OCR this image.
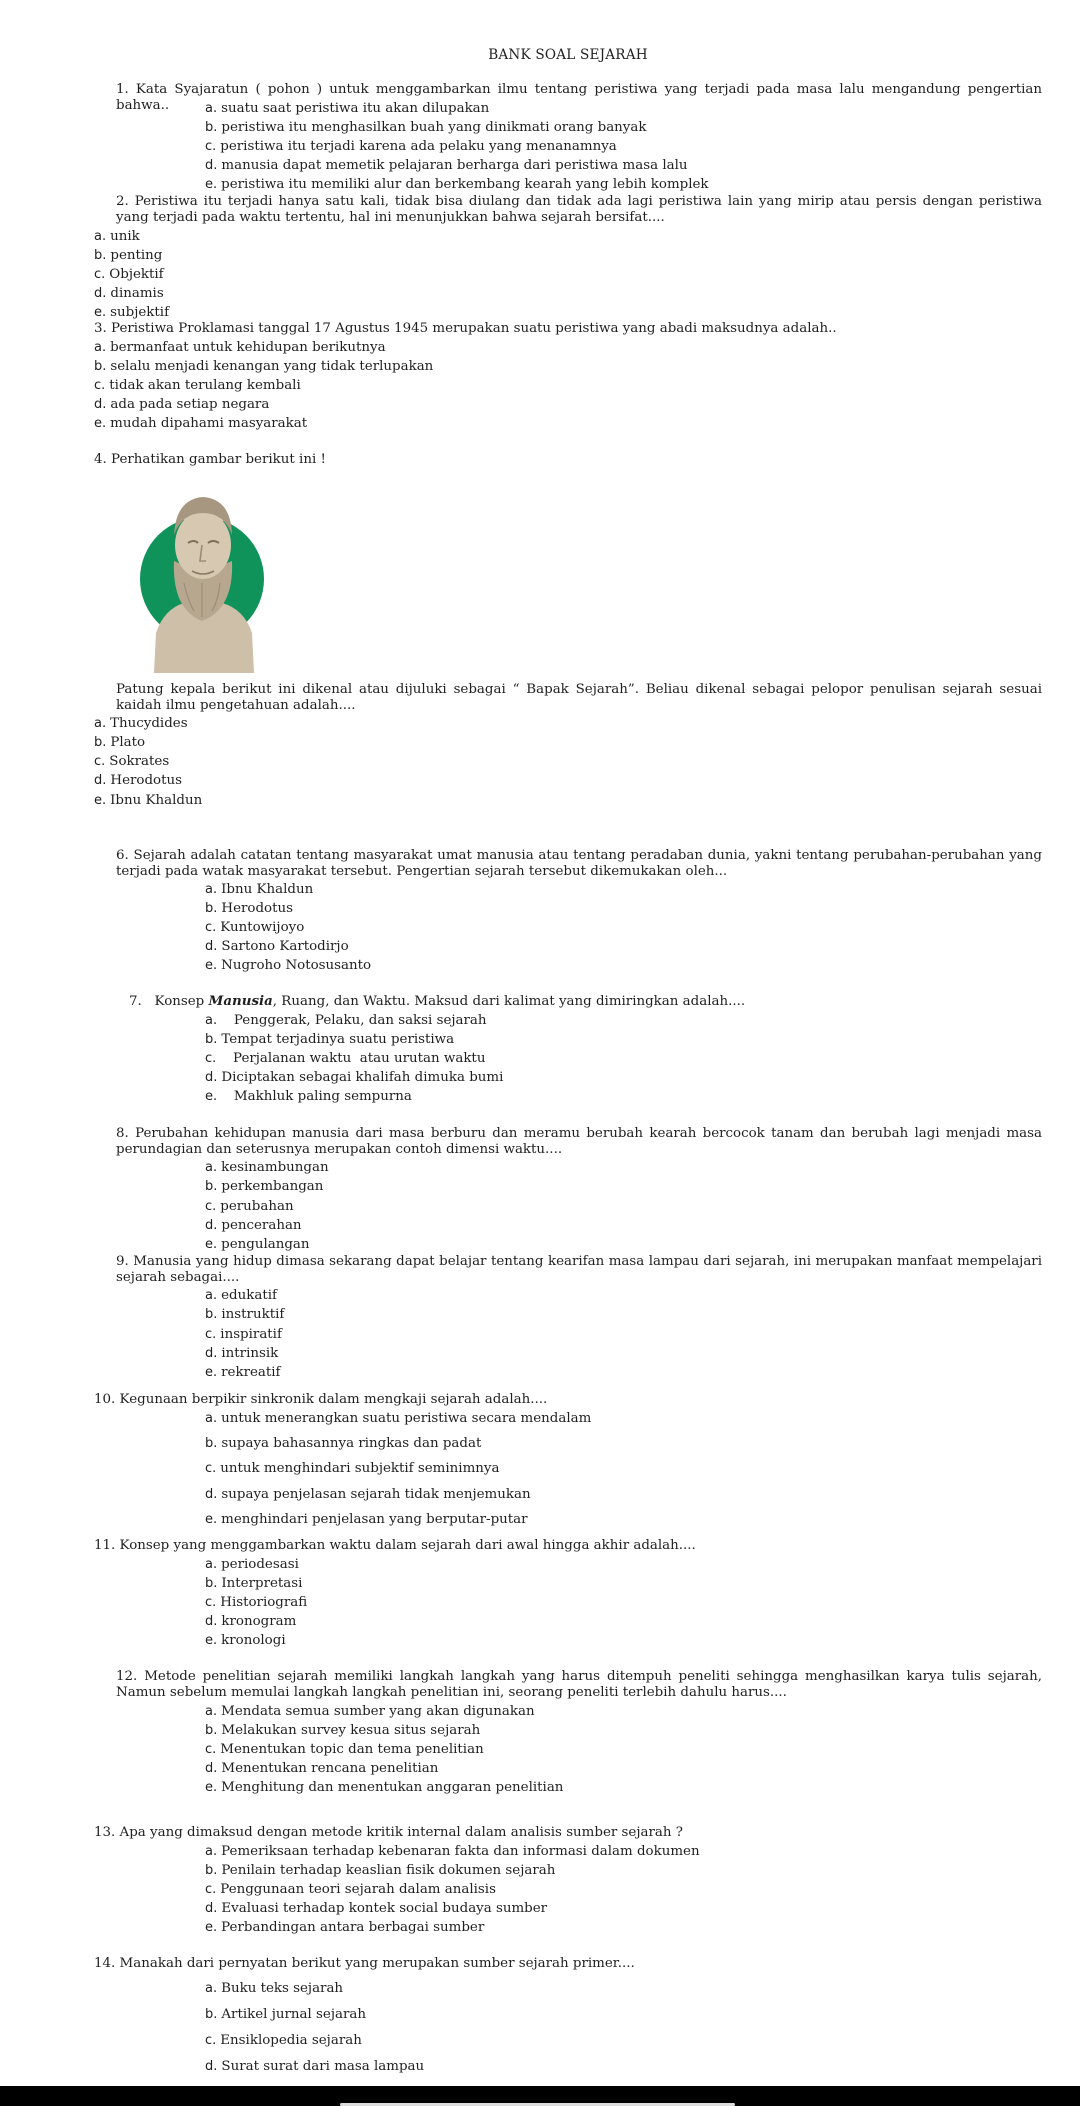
BANK SOAL SEJARAH
1. Kata Syajaratun ( pohon ) untuk menggambarkan ilmu tentang peristiwa yang terjadi pada masa lalu mengandung pengertian bahwa..	a. suatu saat peristiwa itu akan dilupakan
b. peristiwa itu menghasilkan buah yang dinikmati orang banyak
c. peristiwa itu terjadi karena ada pelaku yang menanamnya
d. manusia dapat memetik pelajaran berharga dari peristiwa masa lalu
e. peristiwa itu memiliki alur dan berkembang kearah yang lebih komplek
2. Peristiwa itu terjadi hanya satu kali, tidak bisa diulang dan tidak ada lagi peristiwa lain yang mirip atau persis dengan peristiwa yang terjadi pada waktu tertentu, hal ini menunjukkan bahwa sejarah bersifat....
a. unik
b. penting
c. Objektif
d. dinamis
e. subjektif
3. Peristiwa Proklamasi tanggal 17 Agustus 1945 merupakan suatu peristiwa yang abadi maksudnya adalah..
a. bermanfaat untuk kehidupan berikutnya
b. selalu menjadi kenangan yang tidak terlupakan
c. tidak akan terulang kembali
d. ada pada setiap negara
e. mudah dipahami masyarakat
4. Perhatikan gambar berikut ini !
Patung kepala berikut ini dikenal atau dijuluki sebagai “ Bapak Sejarah”. Beliau dikenal sebagai pelopor penulisan sejarah sesuai kaidah ilmu pengetahuan adalah....
a. Thucydides
b. Plato
c. Sokrates
d. Herodotus
e. Ibnu Khaldun
6. Sejarah adalah catatan tentang masyarakat umat manusia atau tentang peradaban dunia, yakni tentang perubahan-perubahan yang terjadi pada watak masyarakat tersebut. Pengertian sejarah tersebut dikemukakan oleh...
a. Ibnu Khaldun
b. Herodotus
c. Kuntowijoyo
d. Sartono Kartodirjo
e. Nugroho Notosusanto
7.   Konsep Manusia, Ruang, dan Waktu. Maksud dari kalimat yang dimiringkan adalah....
a.   Penggerak, Pelaku, dan saksi sejarah
b. Tempat terjadinya suatu peristiwa
c.   Perjalanan waktu  atau urutan waktu
d. Diciptakan sebagai khalifah dimuka bumi
e.   Makhluk paling sempurna
8. Perubahan kehidupan manusia dari masa berburu dan meramu berubah kearah bercocok tanam dan berubah lagi menjadi masa perundagian dan seterusnya merupakan contoh dimensi waktu....
a. kesinambungan
b. perkembangan
c. perubahan
d. pencerahan
e. pengulangan
9. Manusia yang hidup dimasa sekarang dapat belajar tentang kearifan masa lampau dari sejarah, ini merupakan manfaat mempelajari sejarah sebagai....
a. edukatif
b. instruktif
c. inspiratif
d. intrinsik
e. rekreatif
10. Kegunaan berpikir sinkronik dalam mengkaji sejarah adalah....
a. untuk menerangkan suatu peristiwa secara mendalam
b. supaya bahasannya ringkas dan padat
c. untuk menghindari subjektif seminimnya
d. supaya penjelasan sejarah tidak menjemukan
e. menghindari penjelasan yang berputar-putar
11. Konsep yang menggambarkan waktu dalam sejarah dari awal hingga akhir adalah....
a. periodesasi
b. Interpretasi
c. Historiografi
d. kronogram
e. kronologi
12. Metode penelitian sejarah memiliki langkah langkah yang harus ditempuh peneliti sehingga menghasilkan karya tulis sejarah, Namun sebelum memulai langkah langkah penelitian ini, seorang peneliti terlebih dahulu harus....
a. Mendata semua sumber yang akan digunakan
b. Melakukan survey kesua situs sejarah
c. Menentukan topic dan tema penelitian
d. Menentukan rencana penelitian
e. Menghitung dan menentukan anggaran penelitian
13. Apa yang dimaksud dengan metode kritik internal dalam analisis sumber sejarah ?
a. Pemeriksaan terhadap kebenaran fakta dan informasi dalam dokumen
b. Penilain terhadap keaslian fisik dokumen sejarah
c. Penggunaan teori sejarah dalam analisis
d. Evaluasi terhadap kontek social budaya sumber
e. Perbandingan antara berbagai sumber
14. Manakah dari pernyatan berikut yang merupakan sumber sejarah primer....
a. Buku teks sejarah
b. Artikel jurnal sejarah
c. Ensiklopedia sejarah
d. Surat surat dari masa lampau
